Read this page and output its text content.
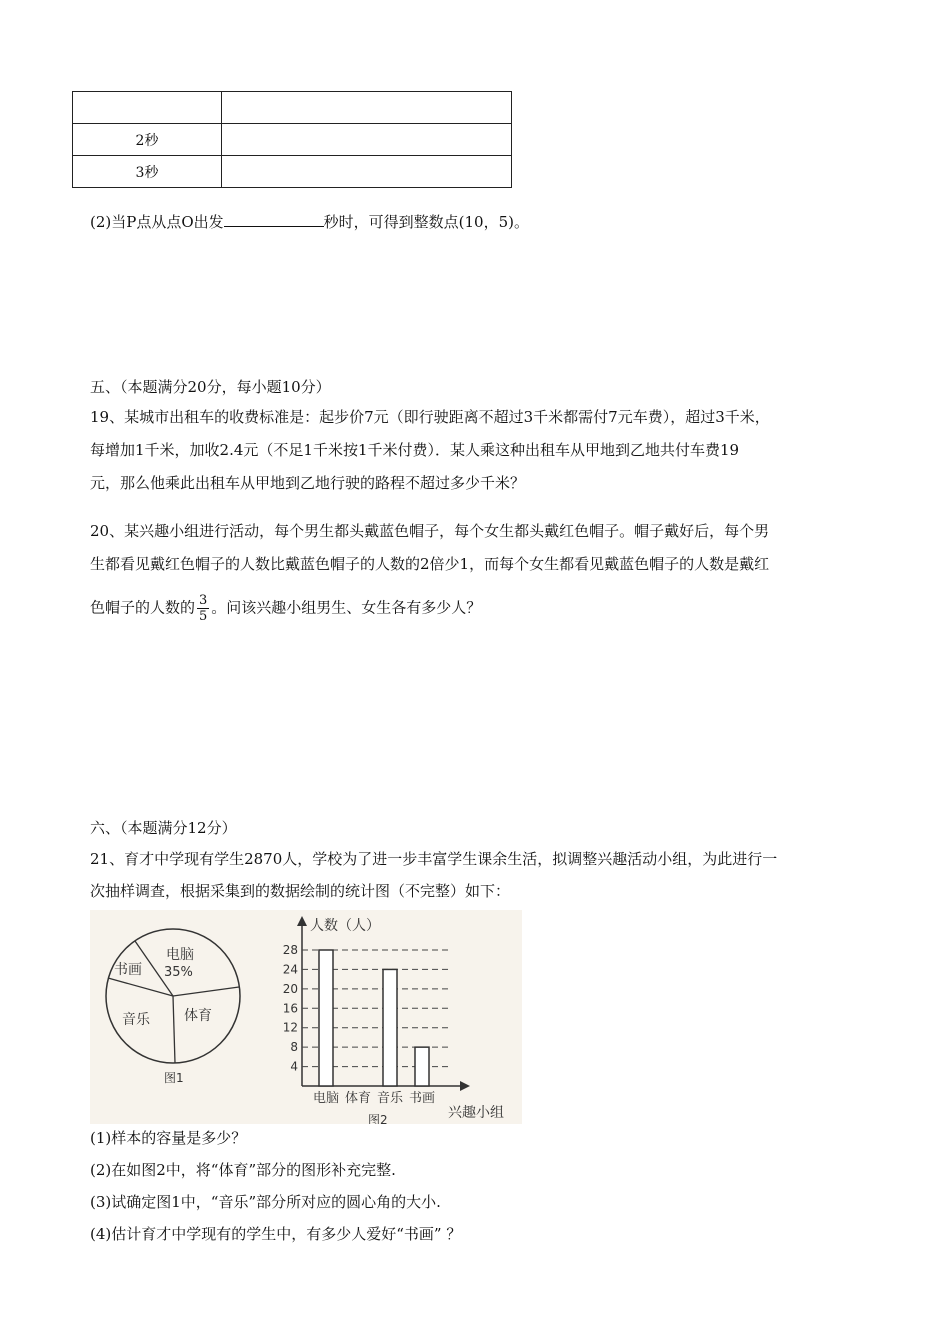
2秒	
3秒	
(2)当P点从点O出发	秒时，可得到整数点(10，5)。
五、（本题满分20分，每小题10分）
19、某城市出租车的收费标准是：起步价7元（即行驶距离不超过3千米都需付7元车费），超过3千米，
每增加1千米，加收2.4元（不足1千米按1千米付费）．某人乘这种出租车从甲地到乙地共付车费19
元，那么他乘此出租车从甲地到乙地行驶的路程不超过多少千米？
20、某兴趣小组进行活动，每个男生都头戴蓝色帽子，每个女生都头戴红色帽子。帽子戴好后，每个男
生都看见戴红色帽子的人数比戴蓝色帽子的人数的2倍少1，而每个女生都看见戴蓝色帽子的人数是戴红
色帽子的人数的 $\frac{3}{5}$ 。问该兴趣小组男生、女生各有多少人？
六、（本题满分12分）
21、育才中学现有学生2870人，学校为了进一步丰富学生课余生活，拟调整兴趣活动小组，为此进行一
次抽样调查，根据采集到的数据绘制的统计图（不完整）如下：
电脑
35%
书画
音乐 体育
图1
人数（人）
兴趣小组
图2
4
8
12
16
20
24
28
电脑 体育 音乐 书画
(1)样本的容量是多少？
(2)在如图2中，将“体育”部分的图形补充完整.
(3)试确定图1中，“音乐”部分所对应的圆心角的大小.
(4)估计育才中学现有的学生中，有多少人爱好“书画” ？
